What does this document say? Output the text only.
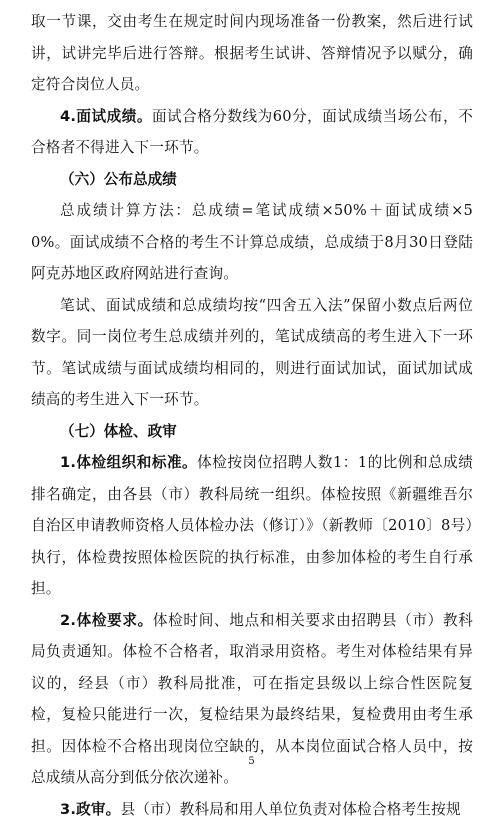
取一节课，交由考生在规定时间内现场准备一份教案，然后进行试讲，试讲完毕后进行答辩。根据考生试讲、答辩情况予以赋分，确定符合岗位人员。

4.面试成绩。面试合格分数线为60分，面试成绩当场公布，不合格者不得进入下一环节。

（六）公布总成绩

总成绩计算方法：总成绩=笔试成绩×50%＋面试成绩×50%。面试成绩不合格的考生不计算总成绩，总成绩于8月30日登陆阿克苏地区政府网站进行查询。

笔试、面试成绩和总成绩均按“四舍五入法”保留小数点后两位数字。同一岗位考生总成绩并列的，笔试成绩高的考生进入下一环节。笔试成绩与面试成绩均相同的，则进行面试加试，面试加试成绩高的考生进入下一环节。

（七）体检、政审

1.体检组织和标准。体检按岗位招聘人数1：1的比例和总成绩排名确定，由各县（市）教科局统一组织。体检按照《新疆维吾尔自治区申请教师资格人员体检办法（修订）》（新教师〔2010〕8号）执行，体检费按照体检医院的执行标准，由参加体检的考生自行承担。

2.体检要求。体检时间、地点和相关要求由招聘县（市）教科局负责通知。体检不合格者，取消录用资格。考生对体检结果有异议的，经县（市）教科局批准，可在指定县级以上综合性医院复检，复检只能进行一次，复检结果为最终结果，复检费用由考生承担。因体检不合格出现岗位空缺的，从本岗位面试合格人员中，按总成绩从高分到低分依次递补。

3.政审。县（市）教科局和用人单位负责对体检合格考生按规

5
